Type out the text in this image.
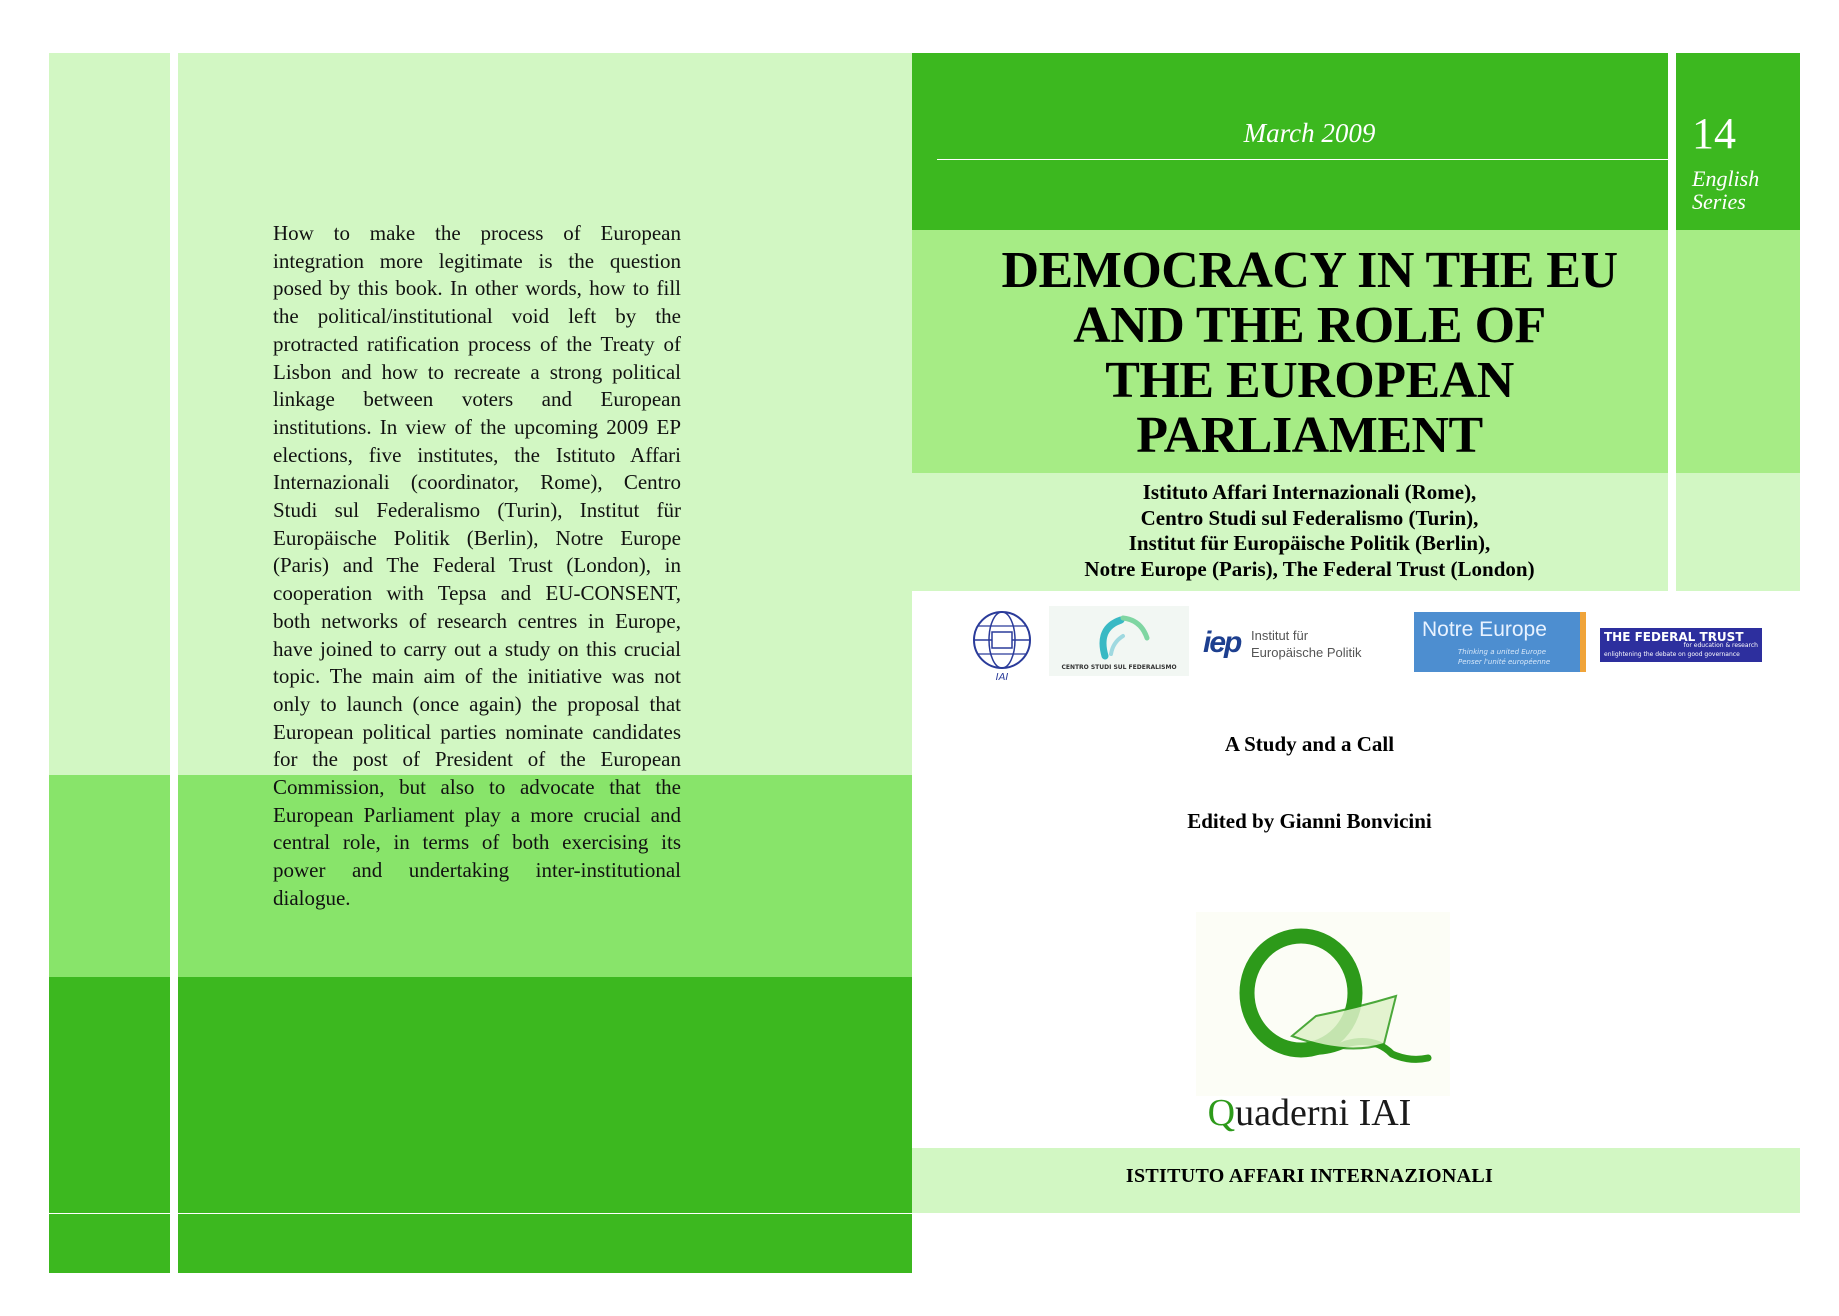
How to make the process of European integration more legitimate is the question posed by this book. In other words, how to fill the political/institutional void left by the protracted ratification process of the Treaty of Lisbon and how to recreate a strong political linkage between voters and European institutions. In view of the upcoming 2009 EP elections, five institutes, the Istituto Affari Internazionali (coordinator, Rome), Centro Studi sul Federalismo (Turin), Institut für Europäische Politik (Berlin), Notre Europe (Paris) and The Federal Trust (London), in cooperation with Tepsa and EU-CONSENT, both networks of research centres in Europe, have joined to carry out a study on this crucial topic. The main aim of the initiative was not only to launch (once again) the proposal that European political parties nominate candidates for the post of President of the European Commission, but also to advocate that the European Parliament play a more crucial and central role, in terms of both exercising its power and undertaking inter-institutional dialogue.

March 2009	14
English
Series
DEMOCRACY IN THE EU
AND THE ROLE OF
THE EUROPEAN
PARLIAMENT
Istituto Affari Internazionali (Rome),
Centro Studi sul Federalismo (Turin),
Institut für Europäische Politik (Berlin),
Notre Europe (Paris), The Federal Trust (London)
IAI
CENTRO STUDI SUL FEDERALISMO
iep Institut für
Europäische Politik
Notre Europe
Thinking a united Europe
Penser l'unité européenne
THE FEDERAL TRUST
for education & research
enlightening the debate on good governance
A Study and a Call
Edited by Gianni Bonvicini
Quaderni IAI
ISTITUTO AFFARI INTERNAZIONALI
